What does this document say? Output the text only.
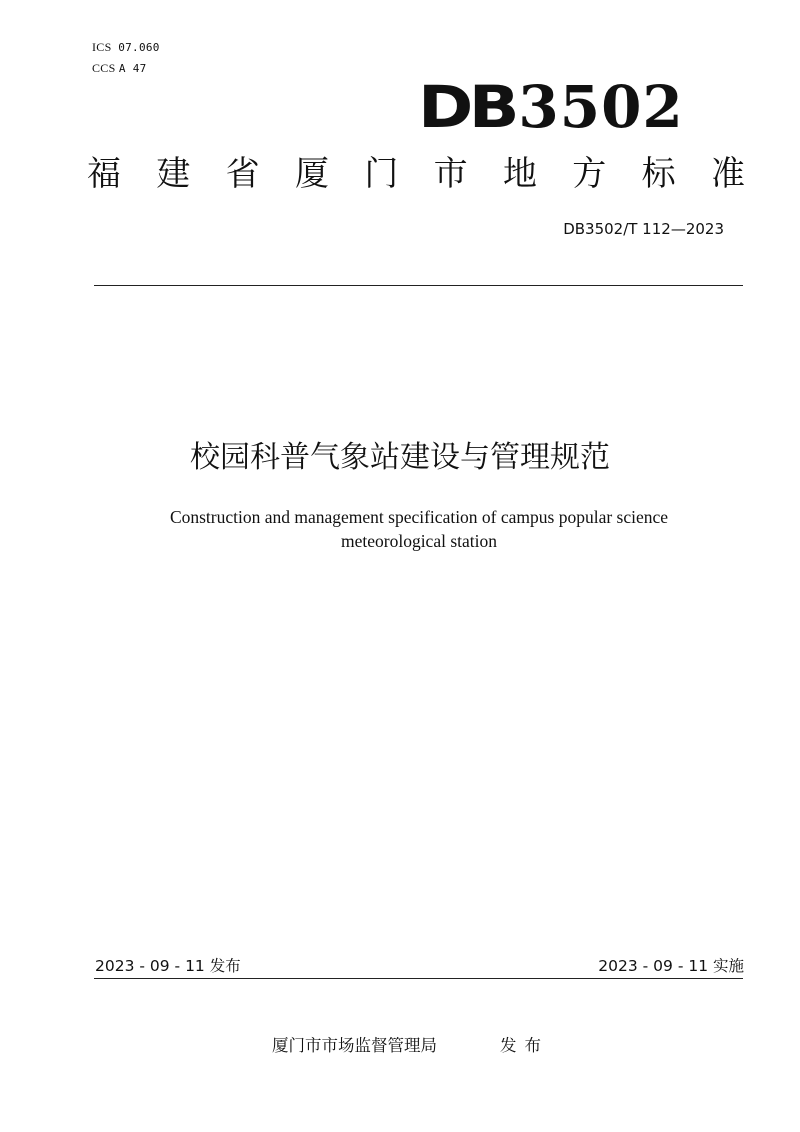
ICS 07.060
CCS A 47
DB 3502
福 建 省 厦 门 市 地 方 标 准
DB3502/T 112—2023
校园科普气象站建设与管理规范
Construction and management specification of campus popular science
meteorological station
2023 - 09 - 11 发布	2023 - 09 - 11 实施
厦门市市场监督管理局	发布
